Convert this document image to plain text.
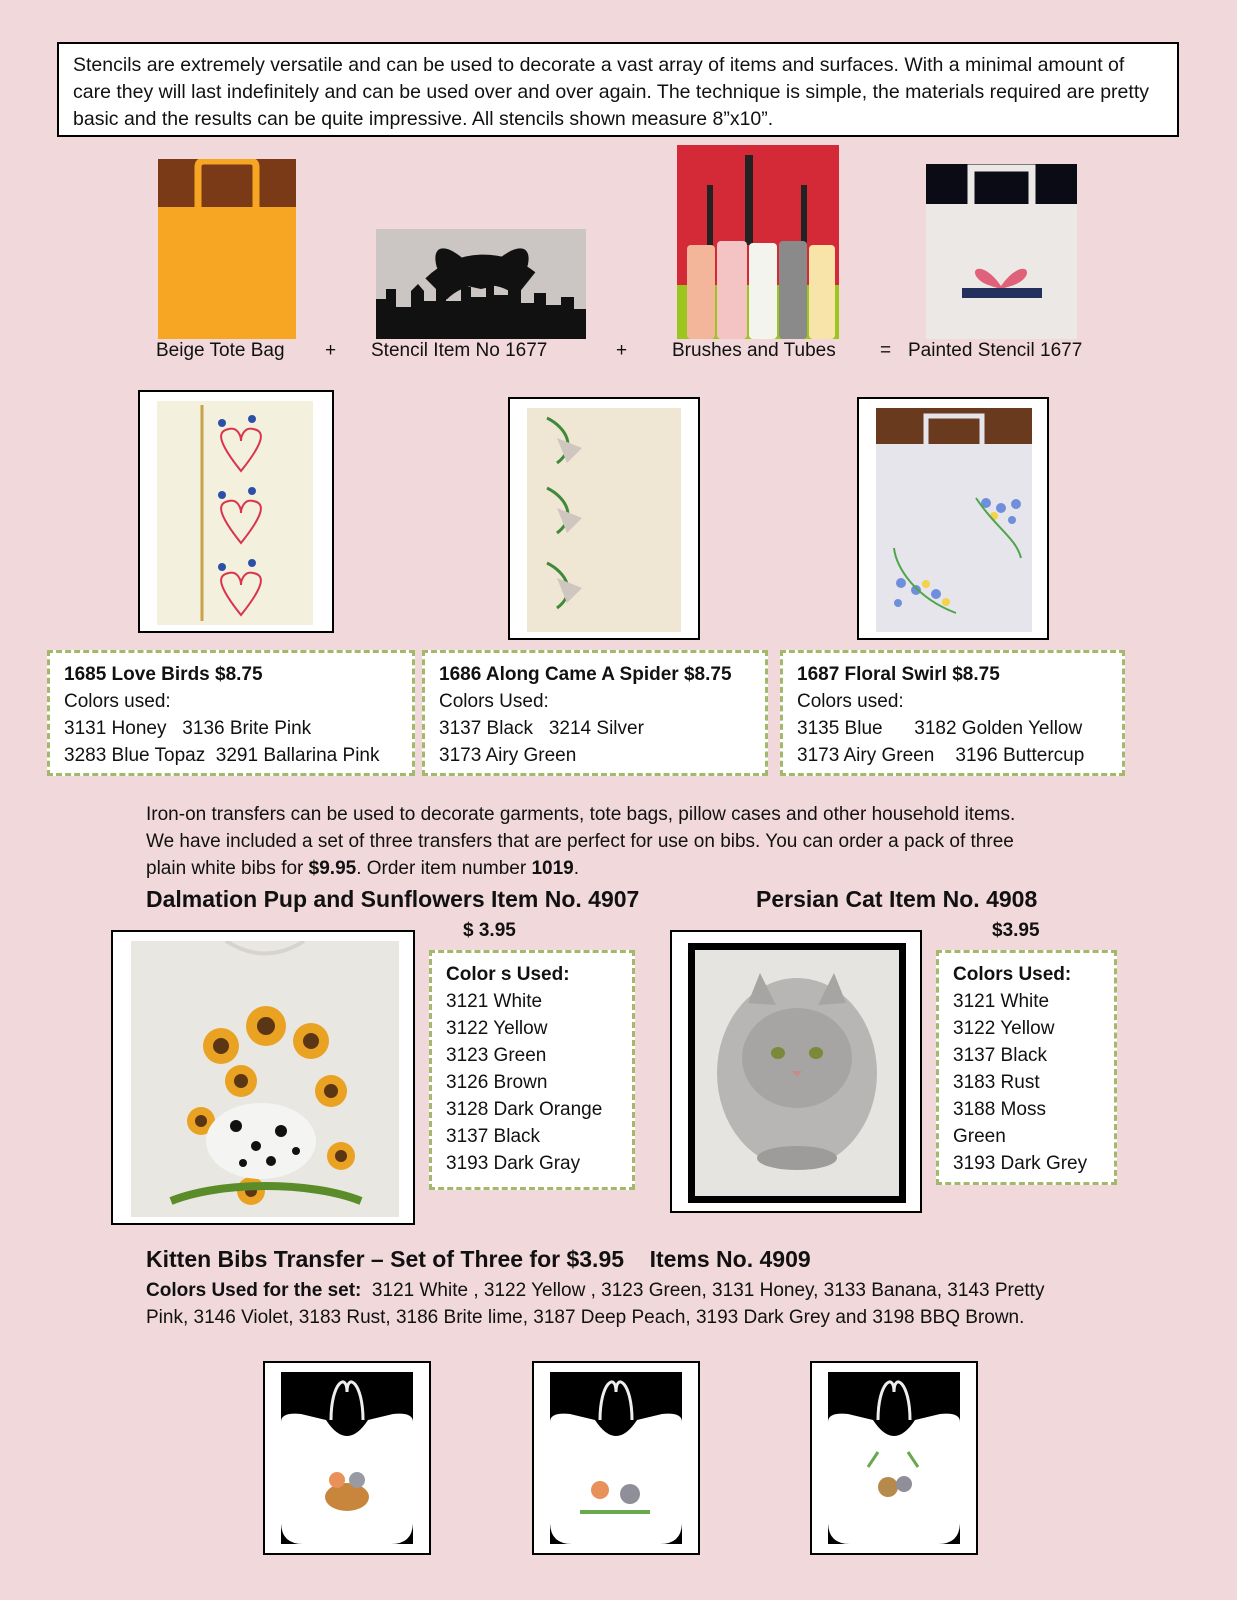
Stencils are extremely versatile and can be used to decorate a vast array of items and surfaces. With a minimal amount of care they will last indefinitely and can be used over and over again. The technique is simple, the materials required are pretty basic and the results can be quite impressive. All stencils shown measure 8”x10”.
Beige Tote Bag + Stencil Item No 1677	+ Brushes and Tubes = Painted Stencil 1677
1685 Love Birds $8.75
Colors used:
3131 Honey   3136 Brite Pink
3283 Blue Topaz  3291 Ballarina Pink
1686 Along Came A Spider $8.75
Colors Used:
3137 Black   3214 Silver
3173 Airy Green
1687 Floral Swirl $8.75
Colors used:
3135 Blue      3182 Golden Yellow
3173 Airy Green    3196 Buttercup
Iron-on transfers can be used to decorate garments, tote bags, pillow cases and other household items.
We have included a set of three transfers that are perfect for use on bibs. You can order a pack of three
plain white bibs for $9.95. Order item number 1019.
Dalmation Pup and Sunflowers Item No. 4907	Persian Cat Item No. 4908
$ 3.95	$3.95
Color s Used:
3121 White
3122 Yellow
3123 Green
3126 Brown
3128 Dark Orange
3137 Black
3193 Dark Gray
Colors Used:
3121 White
3122 Yellow
3137 Black
3183 Rust
3188 Moss
Green
3193 Dark Grey
Kitten Bibs Transfer – Set of Three for $3.95    Items No. 4909
Colors Used for the set:  3121 White , 3122 Yellow , 3123 Green, 3131 Honey, 3133 Banana, 3143 Pretty
Pink, 3146 Violet, 3183 Rust, 3186 Brite lime, 3187 Deep Peach, 3193 Dark Grey and 3198 BBQ Brown.
